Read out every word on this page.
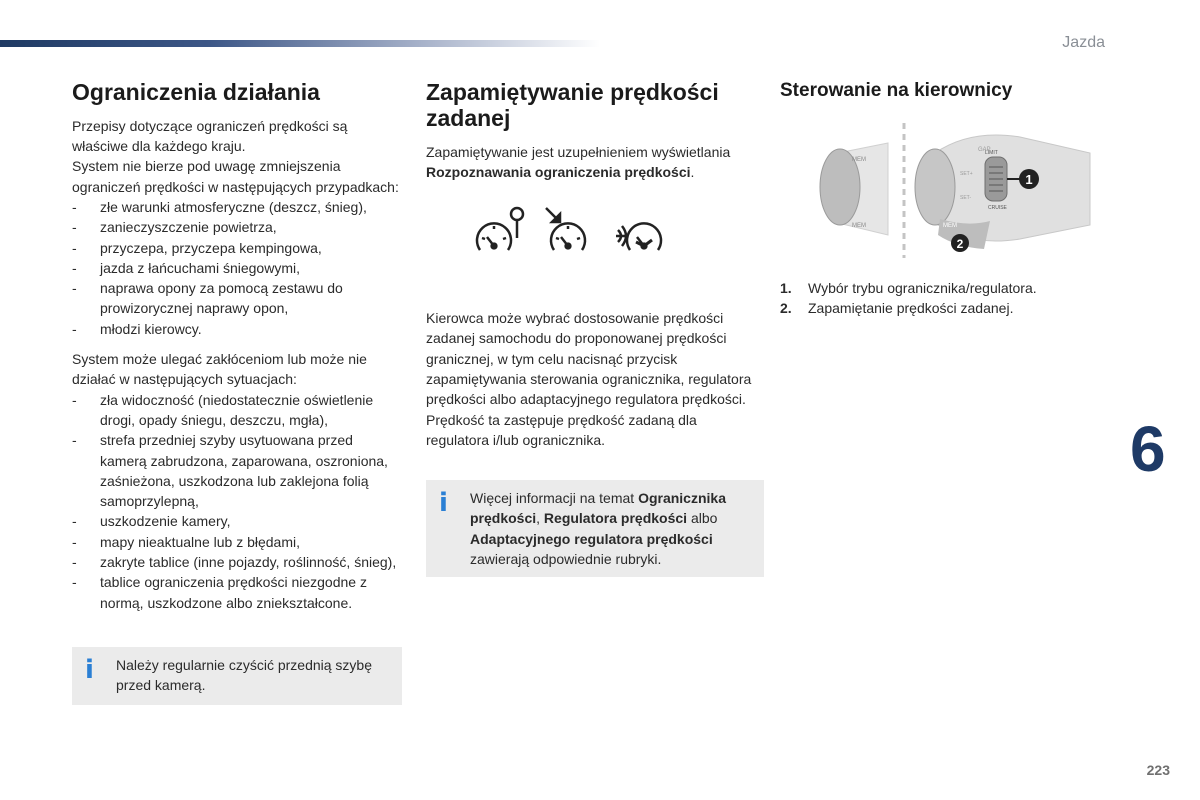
Jazda
6
223
Ograniczenia działania

Przepisy dotyczące ograniczeń prędkości są właściwe dla każdego kraju.

System nie bierze pod uwagę zmniejszenia ograniczeń prędkości w następujących przypadkach:

- złe warunki atmosferyczne (deszcz, śnieg),
- zanieczyszczenie powietrza,
- przyczepa, przyczepa kempingowa,
- jazda z łańcuchami śniegowymi,
- naprawa opony za pomocą zestawu do prowizorycznej naprawy opon,
- młodzi kierowcy.

System może ulegać zakłóceniom lub może nie działać w następujących sytuacjach:

- zła widoczność (niedostatecznie oświetlenie drogi, opady śniegu, deszczu, mgła),
- strefa przedniej szyby usytuowana przed kamerą zabrudzona, zaparowana, oszroniona, zaśnieżona, uszkodzona lub zaklejona folią samoprzylepną,
- uszkodzenie kamery,
- mapy nieaktualne lub z błędami,
- zakryte tablice (inne pojazdy, roślinność, śnieg),
- tablice ograniczenia prędkości niezgodne z normą, uszkodzone albo zniekształcone.
i Należy regularnie czyścić przednią szybę przed kamerą.

Zapamiętywanie prędkości zadanej

Zapamiętywanie jest uzupełnieniem wyświetlania Rozpoznawania ograniczenia prędkości.

Kierowca może wybrać dostosowanie prędkości zadanej samochodu do proponowanej prędkości granicznej, w tym celu nacisnąć przycisk zapamiętywania sterowania ogranicznika, regulatora prędkości albo adaptacyjnego regulatora prędkości.

Prędkość ta zastępuje prędkość zadaną dla regulatora i/lub ogranicznika.

i Więcej informacji na temat Ogranicznika prędkości, Regulatora prędkości albo Adaptacyjnego regulatora prędkości zawierają odpowiednie rubryki.

Sterowanie na kierownicy
MEM
MEM	MEM
GAP
SET+
SET-
LIMIT
CRUISE
1
2
1. Wybór trybu ogranicznika/regulatora.
2. Zapamiętanie prędkości zadanej.
